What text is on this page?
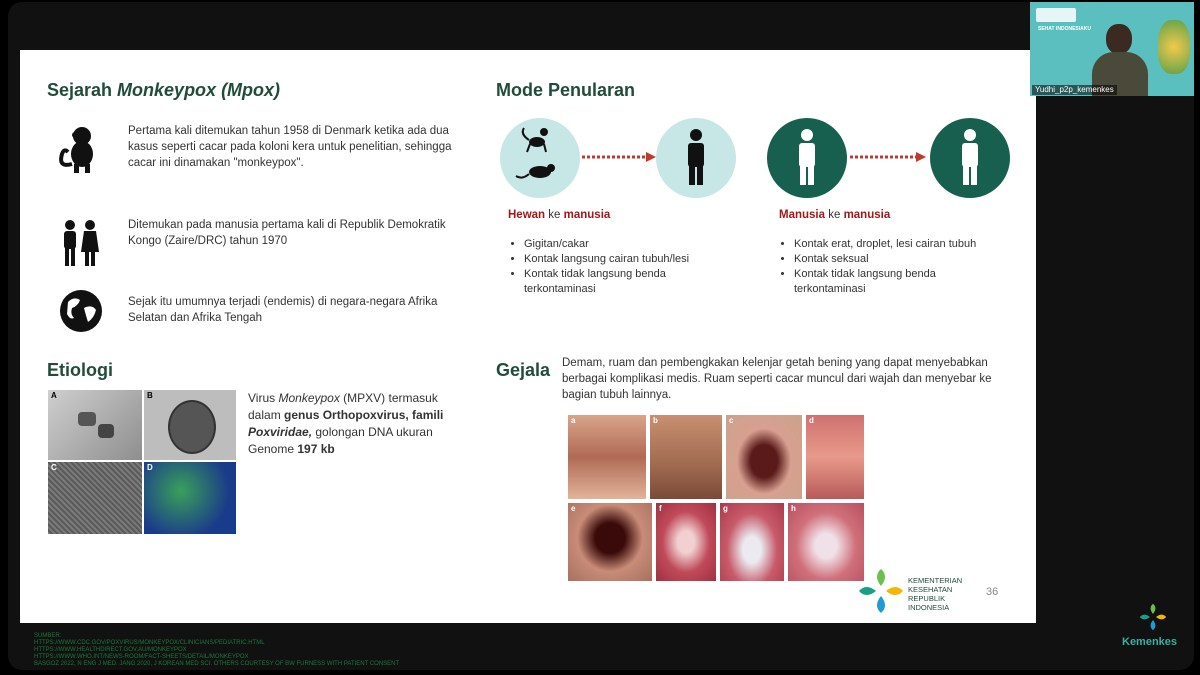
Sejarah Monkeypox (Mpox)
Pertama kali ditemukan tahun 1958 di Denmark ketika ada dua kasus seperti cacar pada koloni kera untuk penelitian, sehingga cacar ini dinamakan "monkeypox".
Ditemukan pada manusia pertama kali di Republik Demokratik Kongo (Zaire/DRC) tahun 1970
Sejak itu umumnya terjadi (endemis) di negara-negara Afrika Selatan dan Afrika Tengah
Etiologi
A	B
C	D
Virus Monkeypox (MPXV) termasuk dalam genus Orthopoxvirus, famili Poxviridae, golongan DNA ukuran Genome 197 kb
Mode Penularan
Hewan ke manusia
• Gigitan/cakar
• Kontak langsung cairan tubuh/lesi
• Kontak tidak langsung benda terkontaminasi
Manusia ke manusia
• Kontak erat, droplet, lesi cairan tubuh
• Kontak seksual
• Kontak tidak langsung benda terkontaminasi
Gejala Demam, ruam dan pembengkakan kelenjar getah bening yang dapat menyebabkan berbagai komplikasi medis. Ruam seperti cacar muncul dari wajah dan menyebar ke bagian tubuh lainnya.
a	b	c	d
e	f	g	h
KEMENTERIAN
KESEHATAN
REPUBLIK
INDONESIA
36
SUMBER:
HTTPS://WWW.CDC.GOV/POXVIRUS/MONKEYPOX/CLINICIANS/PEDIATRIC.HTML
HTTPS://WWW.HEALTHDIRECT.GOV.AU/MONKEYPOX
HTTPS://WWW.WHO.INT/NEWS-ROOM/FACT-SHEETS/DETAIL/MONKEYPOX
BASGOZ 2022, N ENG J MED. JANG 2020, J KOREAN MED SCI. OTHERS COURTESY OF BW FURNESS WITH PATIENT CONSENT
SEHAT INDONESIAKU
Yudhi_p2p_kemenkes
Kemenkes
